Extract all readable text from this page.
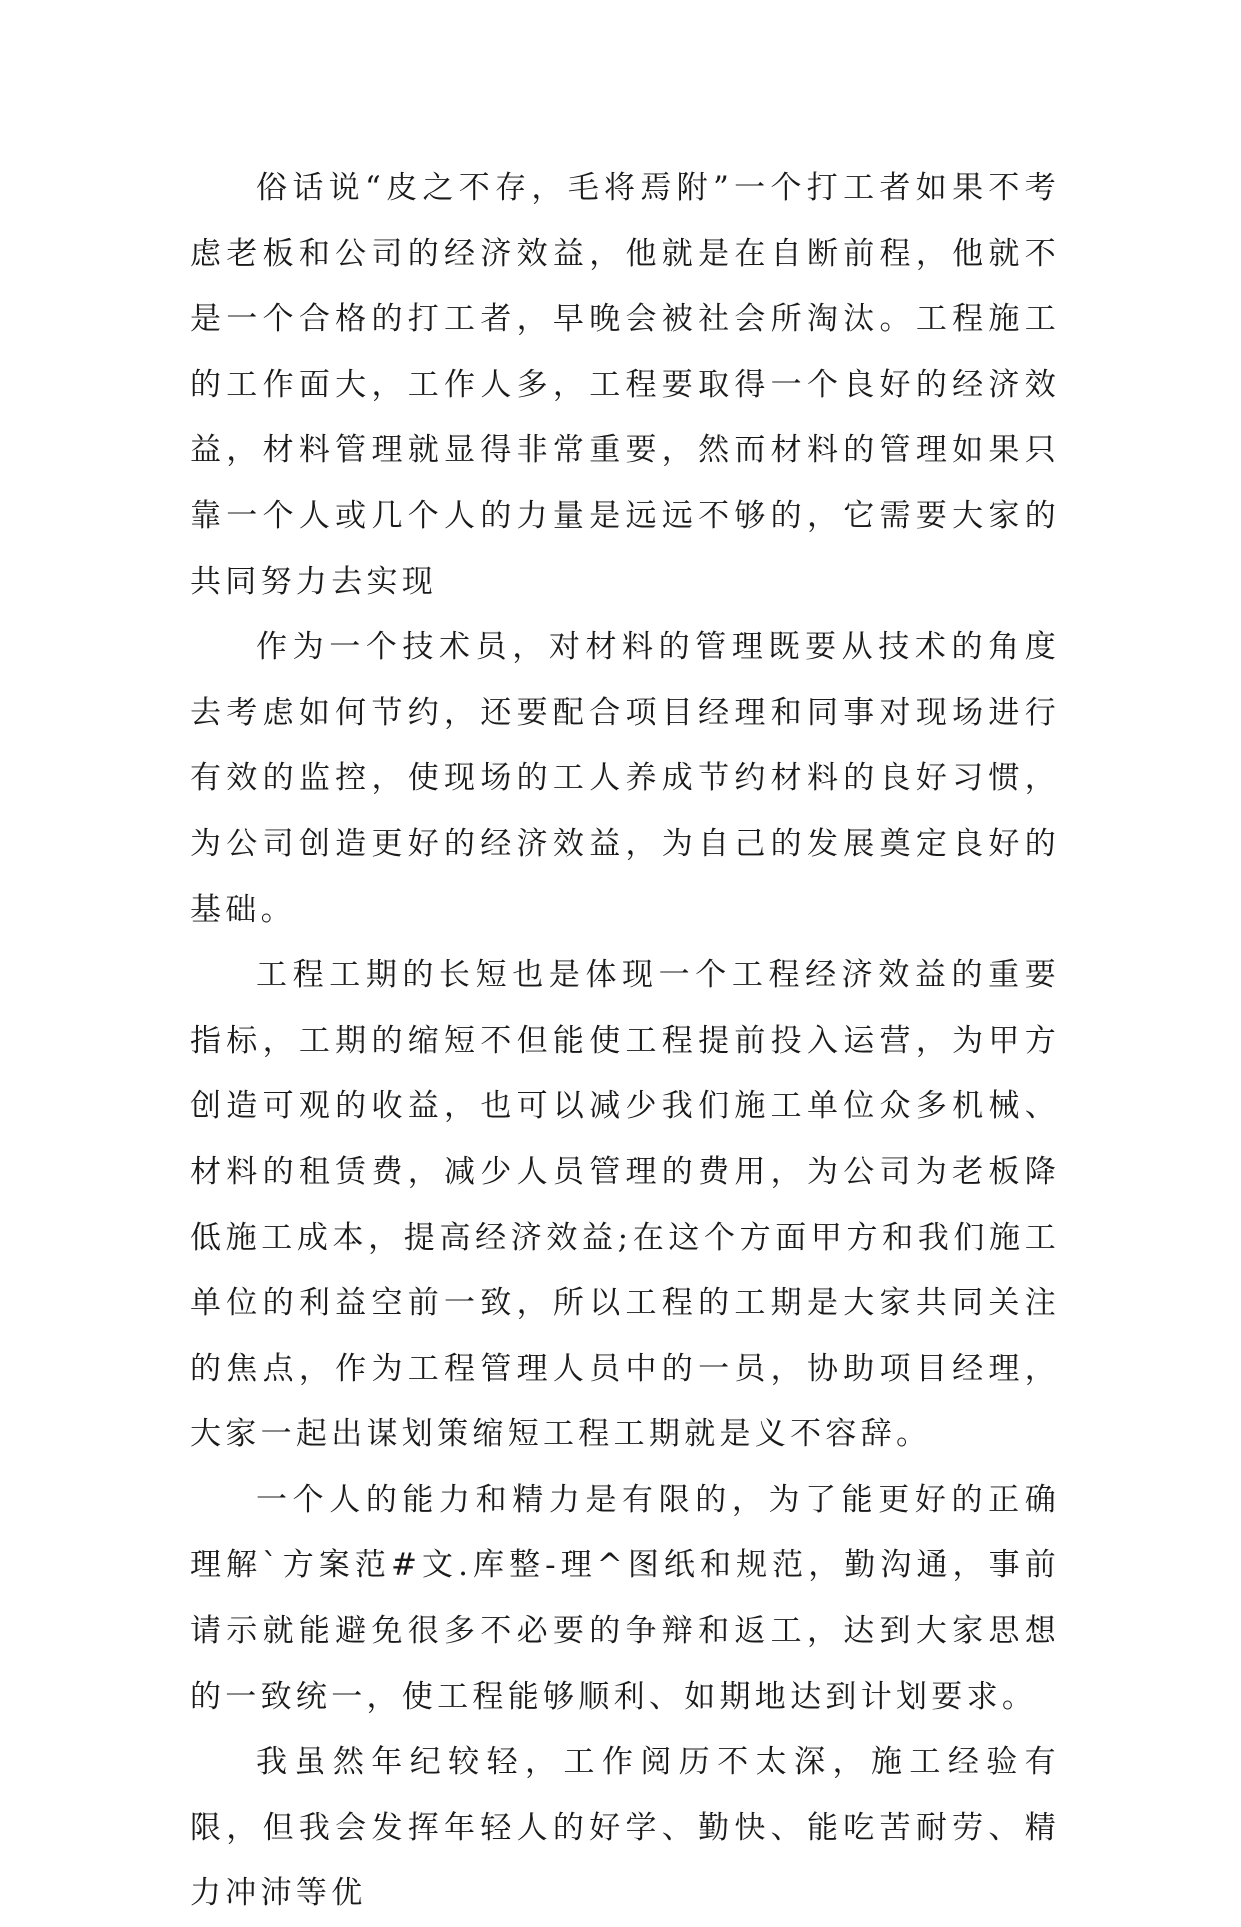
俗话说“皮之不存，毛将焉附”一个打工者如果不考虑老板和公司的经济效益，他就是在自断前程，他就不是一个合格的打工者，早晚会被社会所淘汰。工程施工的工作面大，工作人多，工程要取得一个良好的经济效益，材料管理就显得非常重要，然而材料的管理如果只靠一个人或几个人的力量是远远不够的，它需要大家的共同努力去实现

作为一个技术员，对材料的管理既要从技术的角度去考虑如何节约，还要配合项目经理和同事对现场进行有效的监控，使现场的工人养成节约材料的良好习惯，为公司创造更好的经济效益，为自己的发展奠定良好的基础。

工程工期的长短也是体现一个工程经济效益的重要指标，工期的缩短不但能使工程提前投入运营，为甲方创造可观的收益，也可以减少我们施工单位众多机械、材料的租赁费，减少人员管理的费用，为公司为老板降低施工成本，提高经济效益;在这个方面甲方和我们施工单位的利益空前一致，所以工程的工期是大家共同关注的焦点，作为工程管理人员中的一员，协助项目经理，大家一起出谋划策缩短工程工期就是义不容辞。

一个人的能力和精力是有限的，为了能更好的正确理解`方案范#文.库整-理^图纸和规范，勤沟通，事前请示就能避免很多不必要的争辩和返工，达到大家思想的一致统一，使工程能够顺利、如期地达到计划要求。

我虽然年纪较轻，工作阅历不太深，施工经验有限，但我会发挥年轻人的好学、勤快、能吃苦耐劳、精力冲沛等优
